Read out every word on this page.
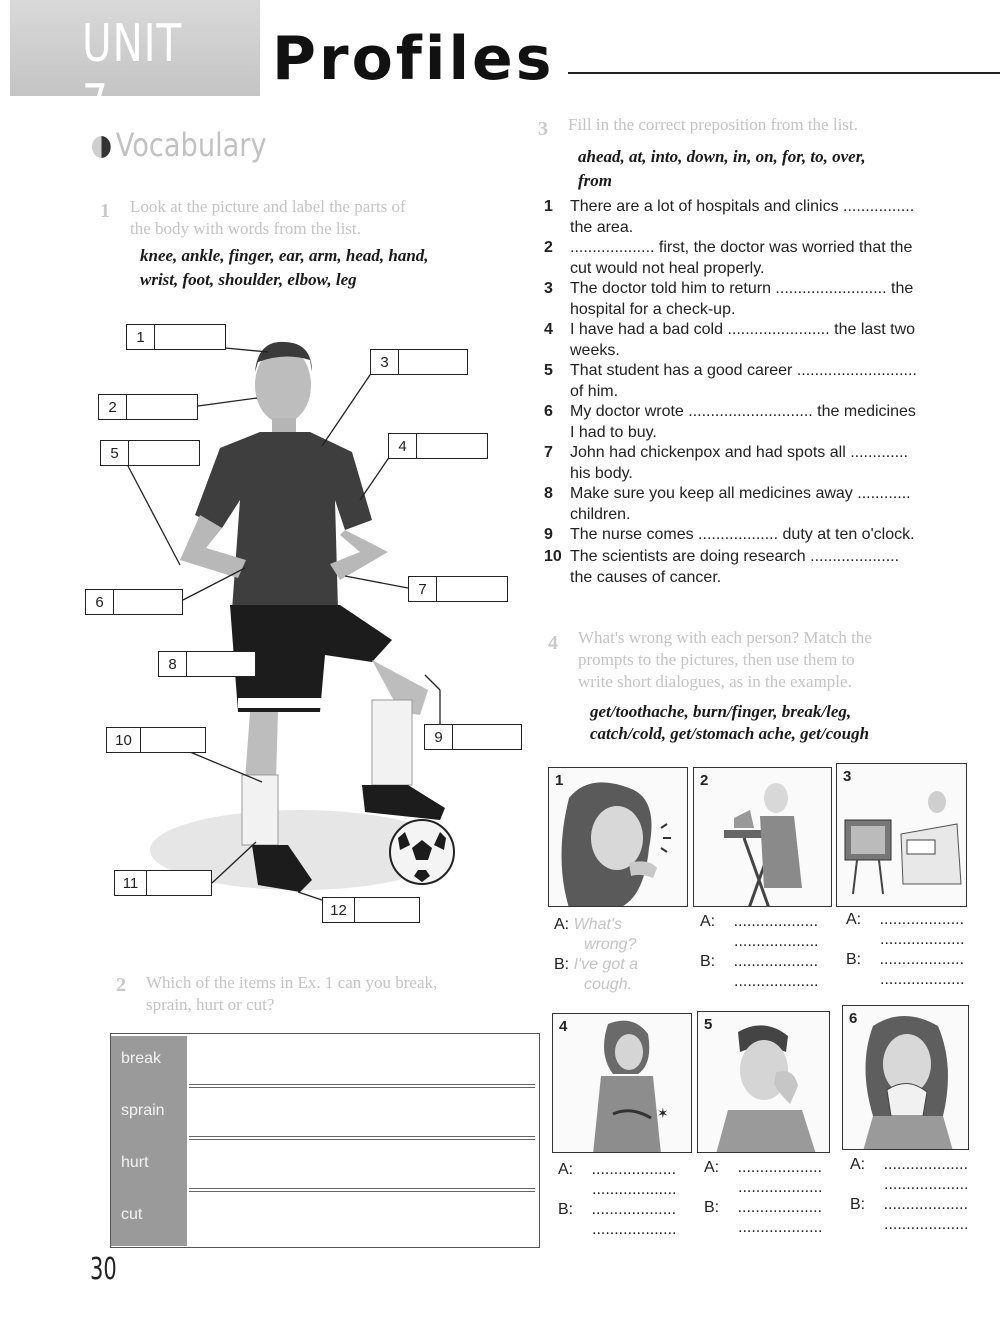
UNIT 7
Profiles
Vocabulary
1 Look at the picture and label the parts of
the body with words from the list.
knee, ankle, finger, ear, arm, head, hand,
wrist, foot, shoulder, elbow, leg
1
2
3
4
5
6
7
8
9
10
11
12
2 Which of the items in Ex. 1 can you break,
sprain, hurt or cut?
break
sprain
hurt
cut
3 Fill in the correct preposition from the list.
ahead, at, into, down, in, on, for, to, over,
from
1	There are a lot of hospitals and clinics ................
the area.
2	................... first, the doctor was worried that the
cut would not heal properly.
3	The doctor told him to return ......................... the
hospital for a check-up.
4	I have had a bad cold ....................... the last two
weeks.
5	That student has a good career ...........................
of him.
6	My doctor wrote ............................ the medicines
I had to buy.
7	John had chickenpox and had spots all .............
his body.
8	Make sure you keep all medicines away ............
children.
9	The nurse comes .................. duty at ten o'clock.
10 The scientists are doing research ....................
the causes of cancer.
4 What's wrong with each person? Match the
prompts to the pictures, then use them to
write short dialogues, as in the example.
get/toothache, burn/finger, break/leg,
catch/cold, get/stomach ache, get/cough
1	2	3
A: What's
wrong?
B: I've got a
cough.
A: ...................
...................
B: ...................
...................
A: ...................
...................
B: ...................
...................
4
✶
5	6
A: ...................
...................
B: ...................
...................
A: ...................
...................
B: ...................
...................
A: ...................
...................
B: ...................
...................
30
